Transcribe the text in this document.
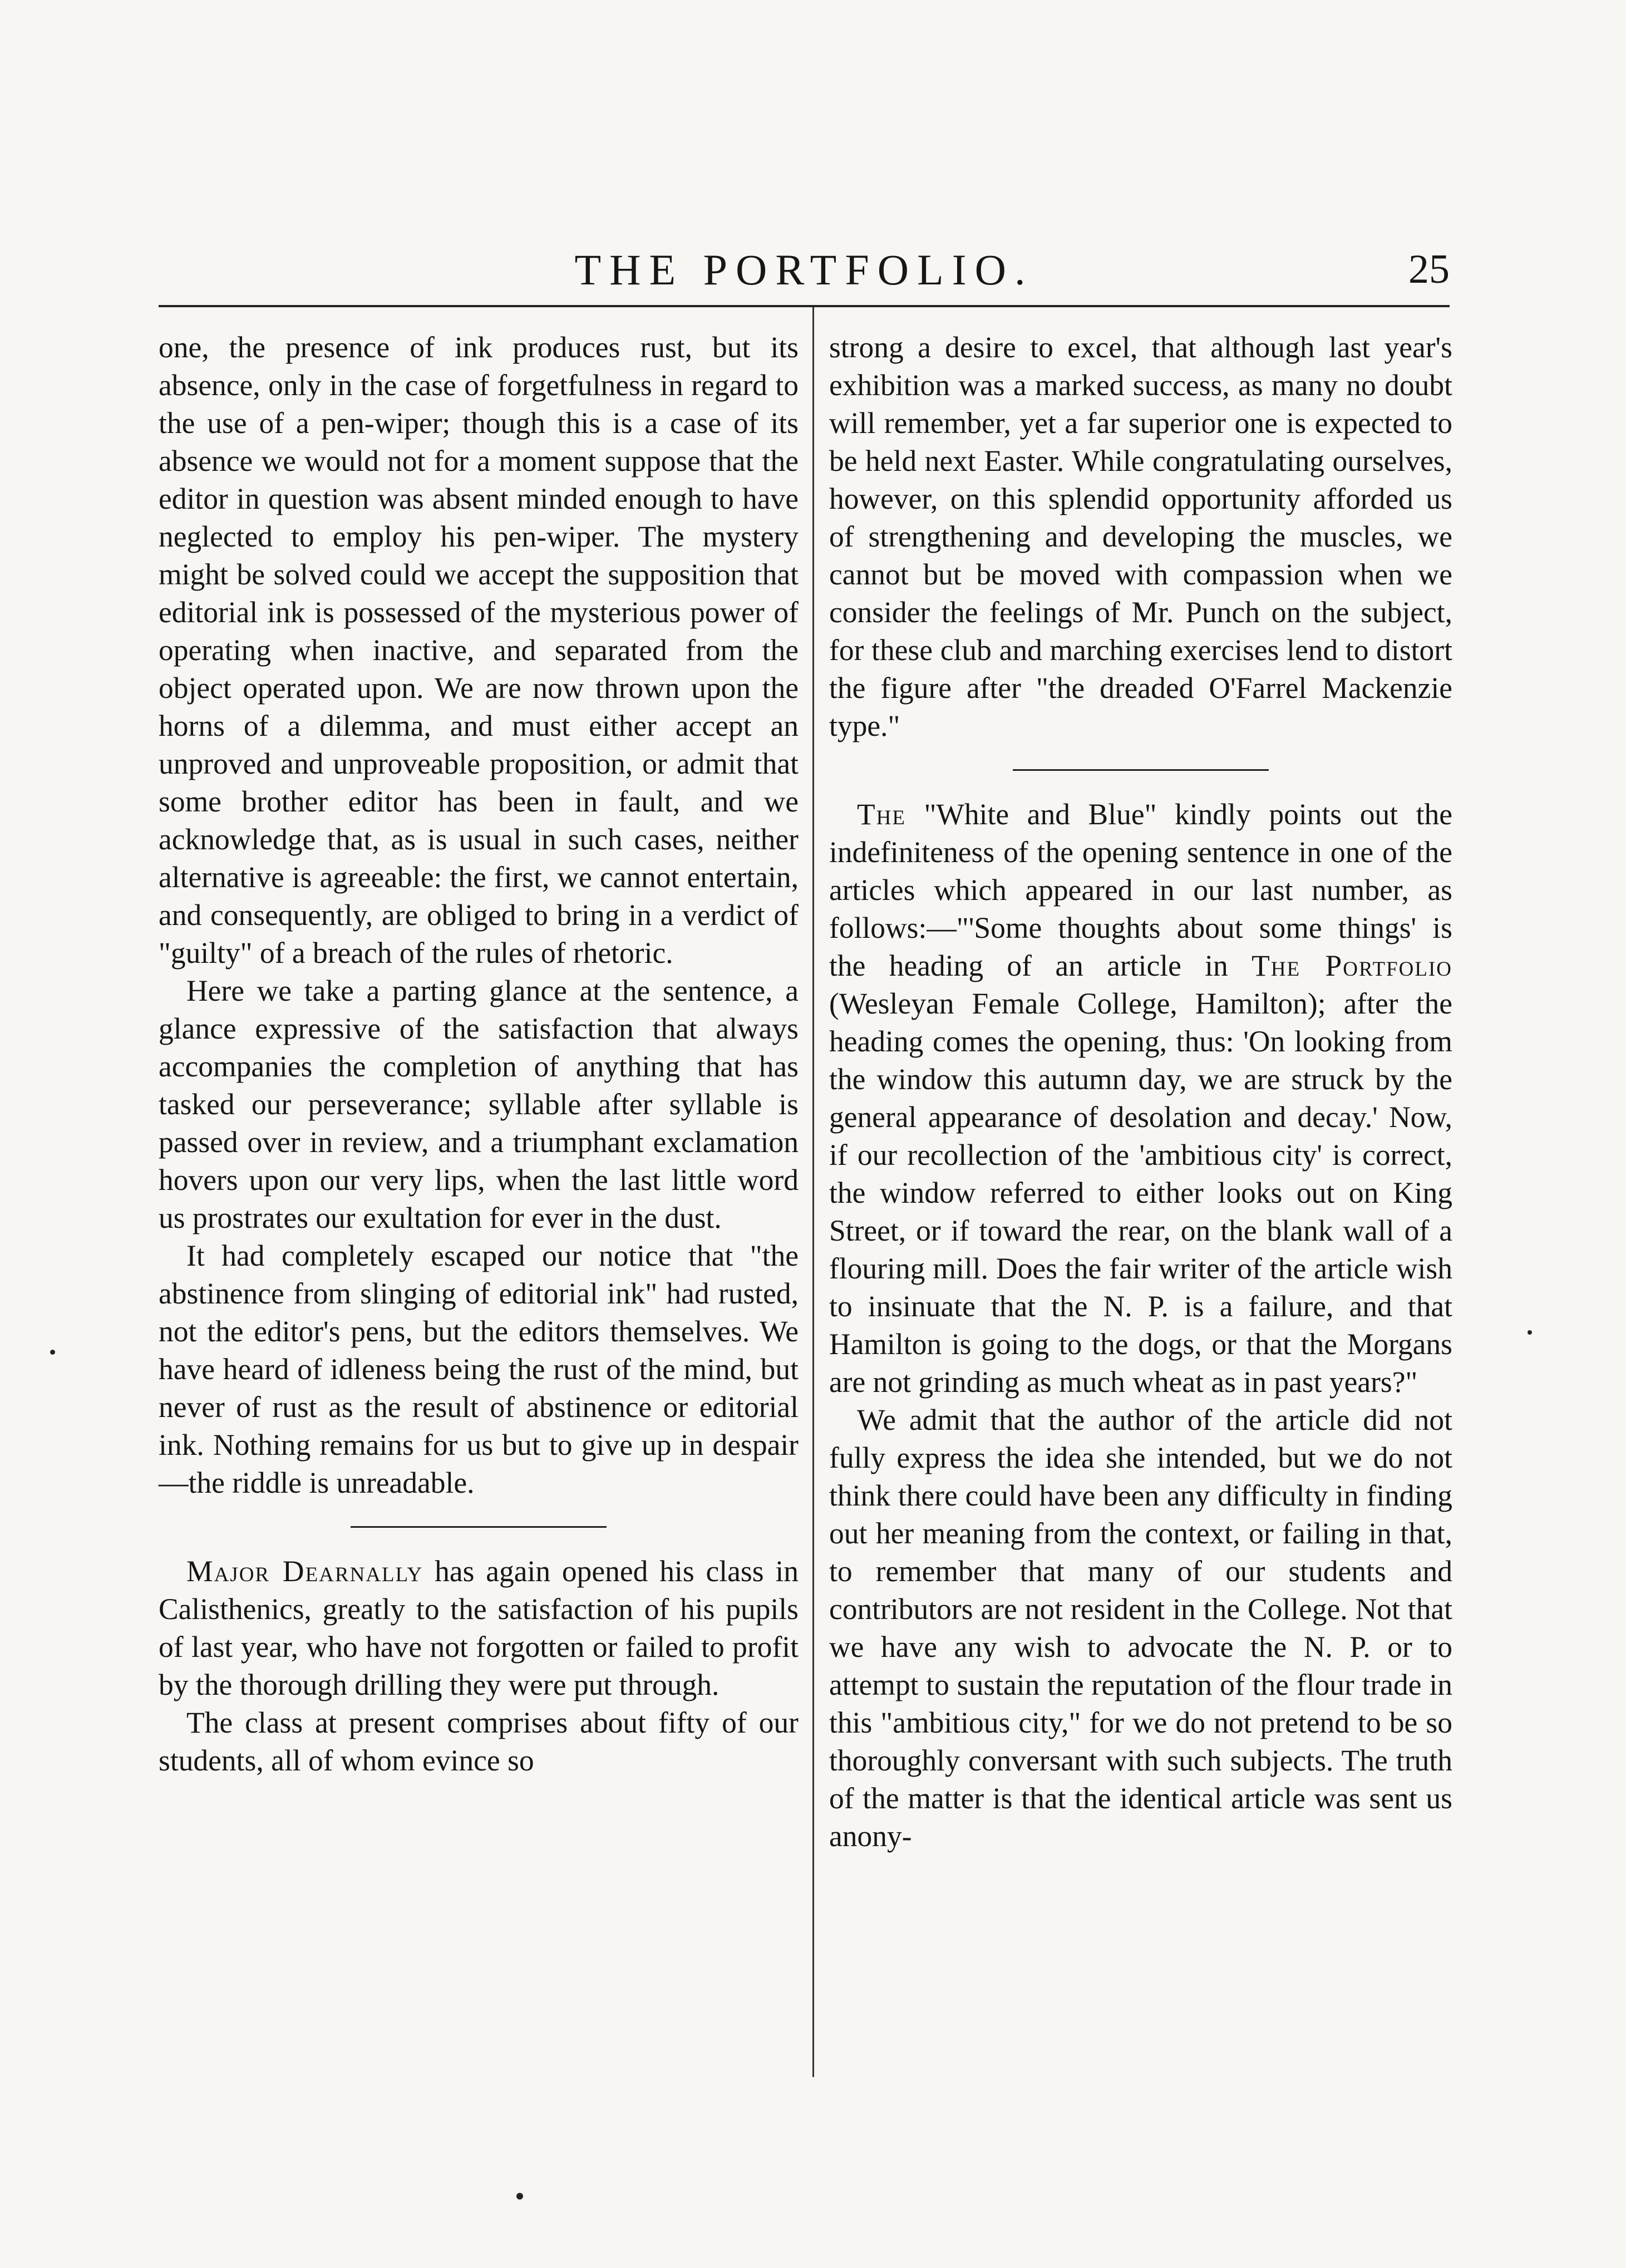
THE PORTFOLIO.	25

one, the presence of ink produces rust, but its absence, only in the case of forgetfulness in regard to the use of a pen-wiper; though this is a case of its absence we would not for a moment suppose that the editor in question was absent minded enough to have neglected to employ his pen-wiper. The mystery might be solved could we accept the supposition that editorial ink is possessed of the mysterious power of operating when inactive, and separated from the object operated upon. We are now thrown upon the horns of a dilemma, and must either accept an unproved and unproveable proposition, or admit that some brother editor has been in fault, and we acknowledge that, as is usual in such cases, neither alternative is agreeable: the first, we cannot entertain, and consequently, are obliged to bring in a verdict of "guilty" of a breach of the rules of rhetoric.

Here we take a parting glance at the sentence, a glance expressive of the satisfaction that always accompanies the completion of anything that has tasked our perseverance; syllable after syllable is passed over in review, and a triumphant exclamation hovers upon our very lips, when the last little word us prostrates our exultation for ever in the dust.

It had completely escaped our notice that "the abstinence from slinging of editorial ink" had rusted, not the editor's pens, but the editors themselves. We have heard of idleness being the rust of the mind, but never of rust as the result of abstinence or editorial ink. Nothing remains for us but to give up in despair—the riddle is unreadable.

Major Dearnally has again opened his class in Calisthenics, greatly to the satisfaction of his pupils of last year, who have not forgotten or failed to profit by the thorough drilling they were put through.

The class at present comprises about fifty of our students, all of whom evince so

strong a desire to excel, that although last year's exhibition was a marked success, as many no doubt will remember, yet a far superior one is expected to be held next Easter. While congratulating ourselves, however, on this splendid opportunity afforded us of strengthening and developing the muscles, we cannot but be moved with compassion when we consider the feelings of Mr. Punch on the subject, for these club and marching exercises lend to distort the figure after "the dreaded O'Farrel Mackenzie type."

The "White and Blue" kindly points out the indefiniteness of the opening sentence in one of the articles which appeared in our last number, as follows:—"'Some thoughts about some things' is the heading of an article in The Portfolio (Wesleyan Female College, Hamilton); after the heading comes the opening, thus: 'On looking from the window this autumn day, we are struck by the general appearance of desolation and decay.' Now, if our recollection of the 'ambitious city' is correct, the window referred to either looks out on King Street, or if toward the rear, on the blank wall of a flouring mill. Does the fair writer of the article wish to insinuate that the N. P. is a failure, and that Hamilton is going to the dogs, or that the Morgans are not grinding as much wheat as in past years?"

We admit that the author of the article did not fully express the idea she intended, but we do not think there could have been any difficulty in finding out her meaning from the context, or failing in that, to remember that many of our students and contributors are not resident in the College. Not that we have any wish to advocate the N. P. or to attempt to sustain the reputation of the flour trade in this "ambitious city," for we do not pretend to be so thoroughly conversant with such subjects. The truth of the matter is that the identical article was sent us anony-
